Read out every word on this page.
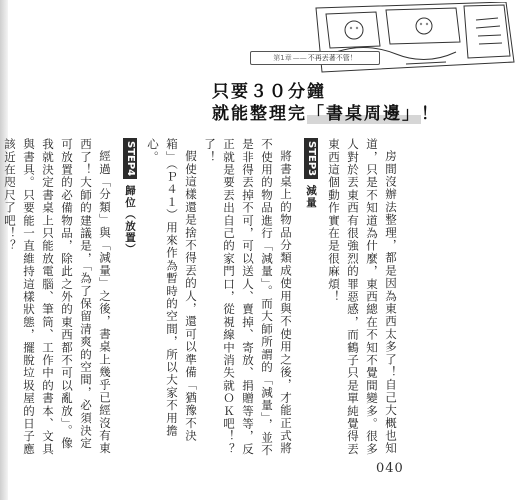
第1章——不再丟著不管！
只要３０分鐘
就能整理完「書桌周邊」！

房間沒辦法整理，都是因為東西太多了！自己大概也知道，只是不知道為什麼，東西總在不知不覺間變多。很多人對於丟東西有很強烈的罪惡感，而鶴子只是單純覺得丟東西這個動作實在是很麻煩！

STEP3減量

將書桌上的物品分類成使用與不使用之後，才能正式將不使用的物品進行「減量」。而大師所謂的「減量」，並不是非得丟掉不可，可以送人、賣掉、寄放、捐贈等等，反正就是要丟出自己的家門口，從視線中消失就ＯＫ吧！？

了！

假使這樣還是捨不得丟的人，還可以準備「猶豫不決箱」（Ｐ４１）用來作為暫時的空間，所以大家不用擔心。

STEP4歸位（放置）

經過「分類」與「減量」之後，書桌上幾乎已經沒有東西了！大師的建議是，「為了保留清爽的空間，必須決定可放置的必備物品，除此之外的東西都不可以亂放」。像我就決定書桌上只能放電腦、筆筒、工作中的書本、文具與書具。只要能一直維持這樣狀態，擺脫垃圾屋的日子應該近在咫尺了吧！？

040
